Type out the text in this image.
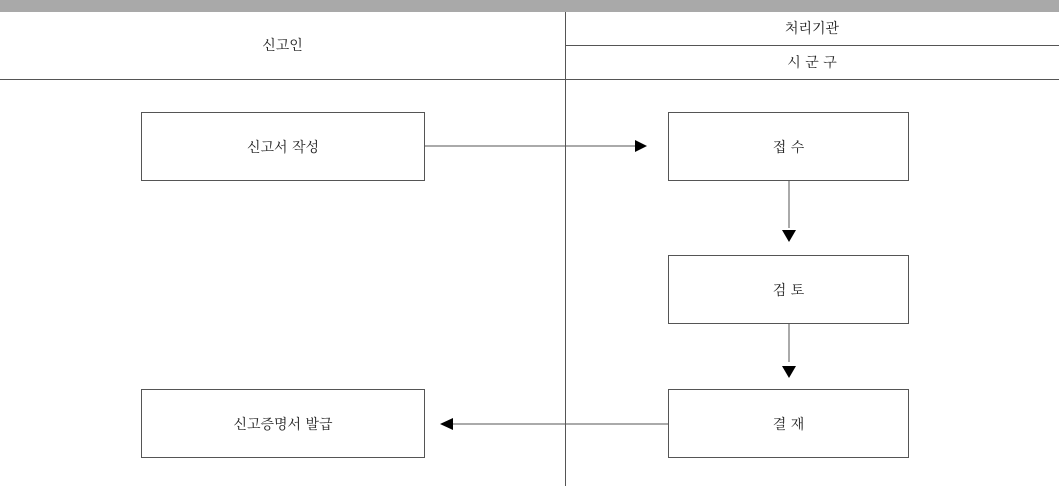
신고인
처리기관
시 군 구
신고서 작성	접 수
검 토
결 재
신고증명서 발급
